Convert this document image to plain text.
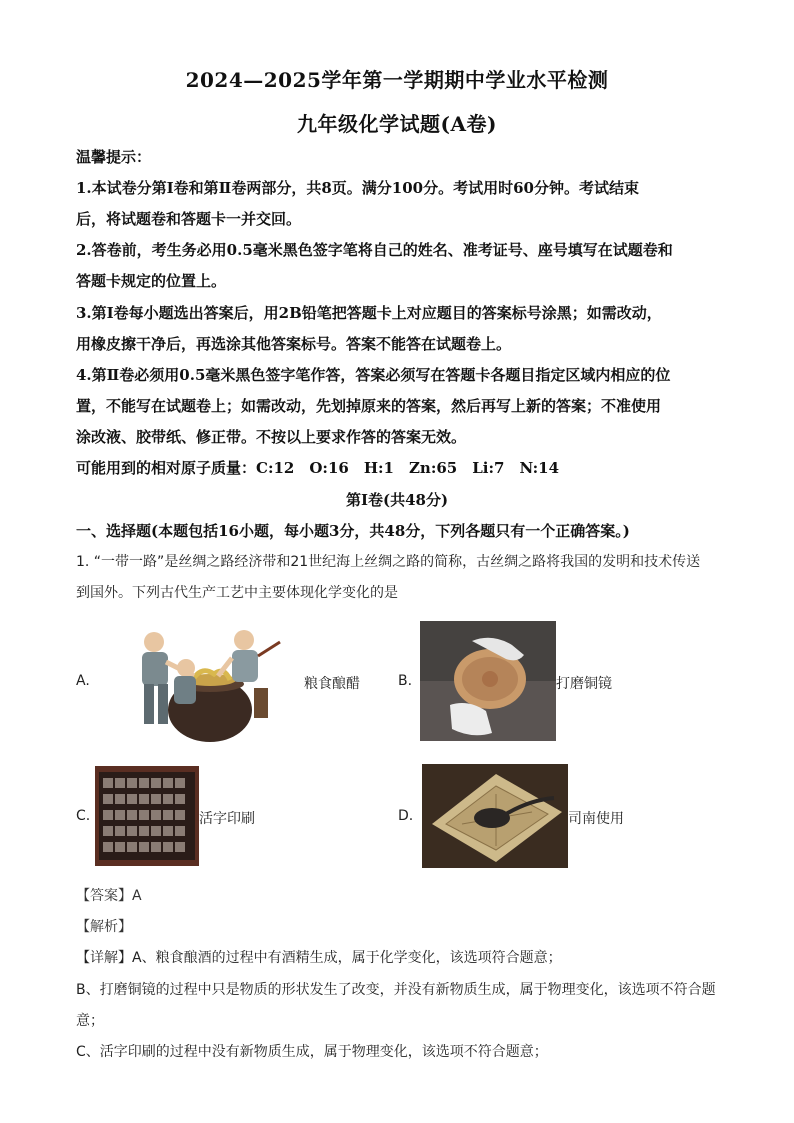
2024—2025学年第一学期期中学业水平检测
九年级化学试题(A卷)
温馨提示：
1.本试卷分第Ⅰ卷和第Ⅱ卷两部分，共8页。满分100分。考试用时60分钟。考试结束
后，将试题卷和答题卡一并交回。
2.答卷前，考生务必用0.5毫米黑色签字笔将自己的姓名、准考证号、座号填写在试题卷和
答题卡规定的位置上。
3.第Ⅰ卷每小题选出答案后，用2B铅笔把答题卡上对应题目的答案标号涂黑；如需改动，
用橡皮擦干净后，再选涂其他答案标号。答案不能答在试题卷上。
4.第Ⅱ卷必须用0.5毫米黑色签字笔作答，答案必须写在答题卡各题目指定区域内相应的位
置，不能写在试题卷上；如需改动，先划掉原来的答案，然后再写上新的答案；不准使用
涂改液、胶带纸、修正带。不按以上要求作答的答案无效。
可能用到的相对原子质量：C:12　O:16　H:1　Zn:65　Li:7　N:14
第Ⅰ卷(共48分)
一、选择题(本题包括16小题，每小题3分，共48分，下列各题只有一个正确答案。)
1. “一带一路”是丝绸之路经济带和21世纪海上丝绸之路的简称，古丝绸之路将我国的发明和技术传送
到国外。下列古代生产工艺中主要体现化学变化的是
A.	粮食酿醋	B.	打磨铜镜
C.	活字印刷	D.	司南使用
【答案】A
【解析】
【详解】A、粮食酿酒的过程中有酒精生成，属于化学变化，该选项符合题意；
B、打磨铜镜的过程中只是物质的形状发生了改变，并没有新物质生成，属于物理变化，该选项不符合题
意；
C、活字印刷的过程中没有新物质生成，属于物理变化，该选项不符合题意；
